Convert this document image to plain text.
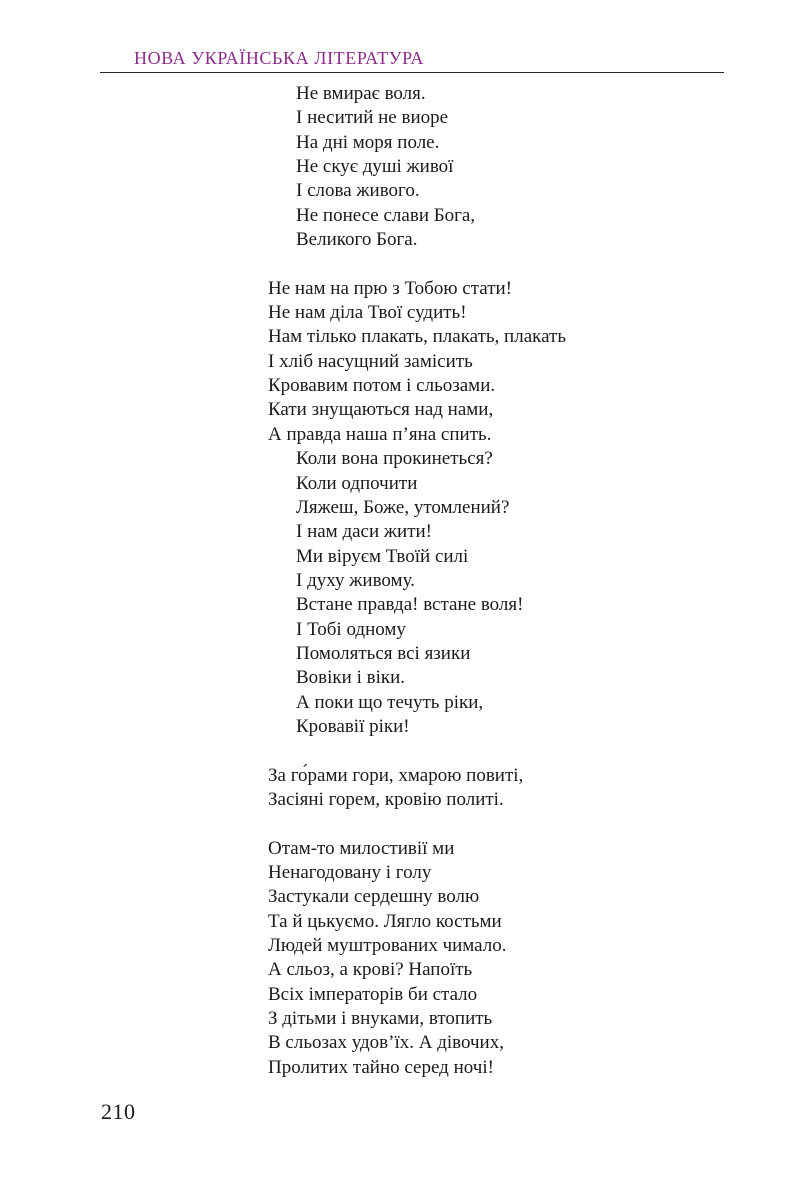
НОВА УКРАЇНСЬКА ЛІТЕРАТУРА
Не вмирає воля.
І неситий не виоре
На дні моря поле.
Не скує душі живої
І слова живого.
Не понесе слави Бога,
Великого Бога.
Не нам на прю з Тобою стати!
Не нам діла Твої судить!
Нам тілько плакать, плакать, плакать
І хліб насущний замісить
Кровавим потом і сльозами.
Кати знущаються над нами,
А правда наша п’яна спить.
Коли вона прокинеться?
Коли одпочити
Ляжеш, Боже, утомлений?
І нам даси жити!
Ми віруєм Твоїй силі
І духу живому.
Встане правда! встане воля!
І Тобі одному
Помоляться всі язики
Вовіки і віки.
А поки що течуть ріки,
Кровавії ріки!
За го́рами гори, хмарою повиті,
Засіяні горем, кровію политі.
Отам-то милостивії ми
Ненагодовану і голу
Застукали сердешну волю
Та й цькуємо. Лягло костьми
Людей муштрованих чимало.
А сльоз, а крові? Напоїть
Всіх імператорів би стало
З дітьми і внуками, втопить
В сльозах удов’їх. А дівочих,
Пролитих тайно серед ночі!
210
